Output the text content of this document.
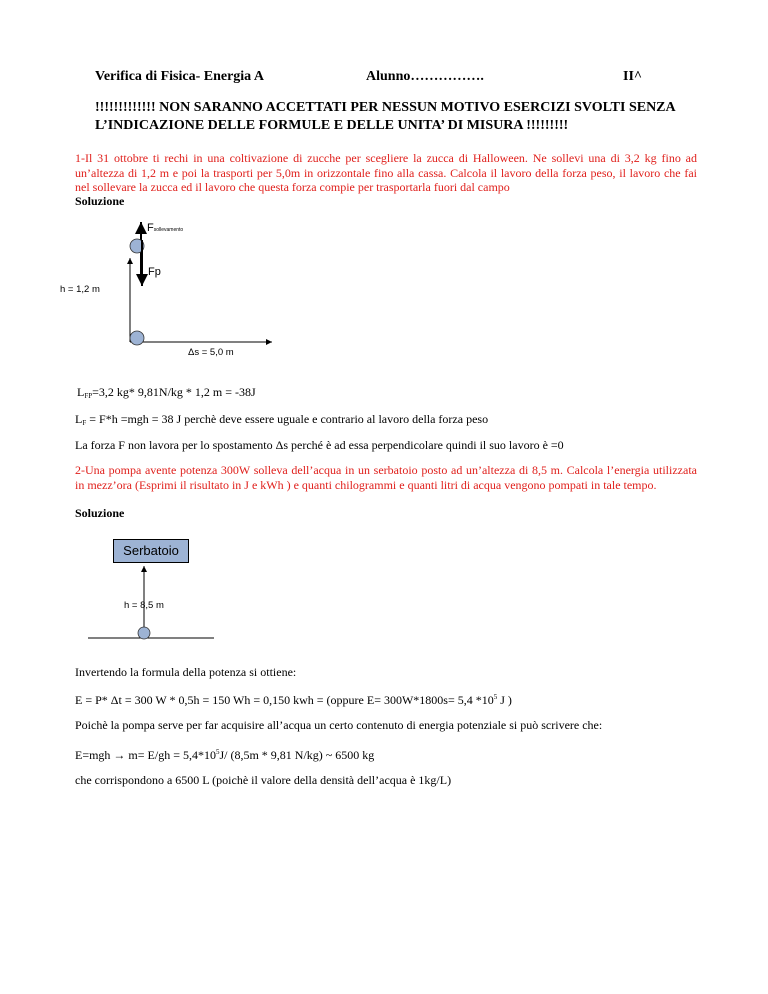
Verifica di Fisica- Energia A	Alunno…………….	II^
!!!!!!!!!!!!! NON SARANNO ACCETTATI PER NESSUN MOTIVO ESERCIZI SVOLTI SENZA L’INDICAZIONE DELLE FORMULE E DELLE UNITA’ DI MISURA !!!!!!!!!
1-Il 31 ottobre ti rechi in una coltivazione di zucche per scegliere la zucca di Halloween. Ne sollevi una di 3,2 kg fino ad un’altezza di 1,2 m e poi la trasporti per 5,0m in orizzontale fino alla cassa. Calcola il lavoro della forza peso, il lavoro che fai nel sollevare la zucca ed il lavoro che questa forza compie per trasportarla fuori dal campo
Soluzione
Fsollevamento
Fp
h = 1,2 m
Δs = 5,0 m
$L_{FP}=3,2$ kg* 9,81N/kg * 1,2 m = -38J
$L_F = F*h =mgh = 38$ J perchè deve essere uguale e contrario al lavoro della forza peso
La forza F non lavora per lo spostamento Δs perché è ad essa perpendicolare quindi il suo lavoro è =0
2-Una pompa avente potenza 300W solleva dell’acqua in un serbatoio posto ad un’altezza di 8,5 m. Calcola l’energia utilizzata in mezz’ora (Esprimi il risultato in J e kWh ) e quanti chilogrammi e quanti litri di acqua vengono pompati in tale tempo.
Soluzione
Serbatoio
h = 8,5 m
Invertendo la formula della potenza si ottiene:
E = P* Δt = 300 W * 0,5h = 150 Wh = 0,150 kwh = (oppure E= 300W*1800s= 5,4 $*10^5$ J )
Poichè la pompa serve per far acquisire all’acqua un certo contenuto di energia potenziale si può scrivere che:
$E=mgh \to m= E/gh = 5,4*10^5J/$ (8,5m * 9,81 N/kg) ~ 6500 kg
che corrispondono a 6500 L (poichè il valore della densità dell’acqua è 1kg/L)
